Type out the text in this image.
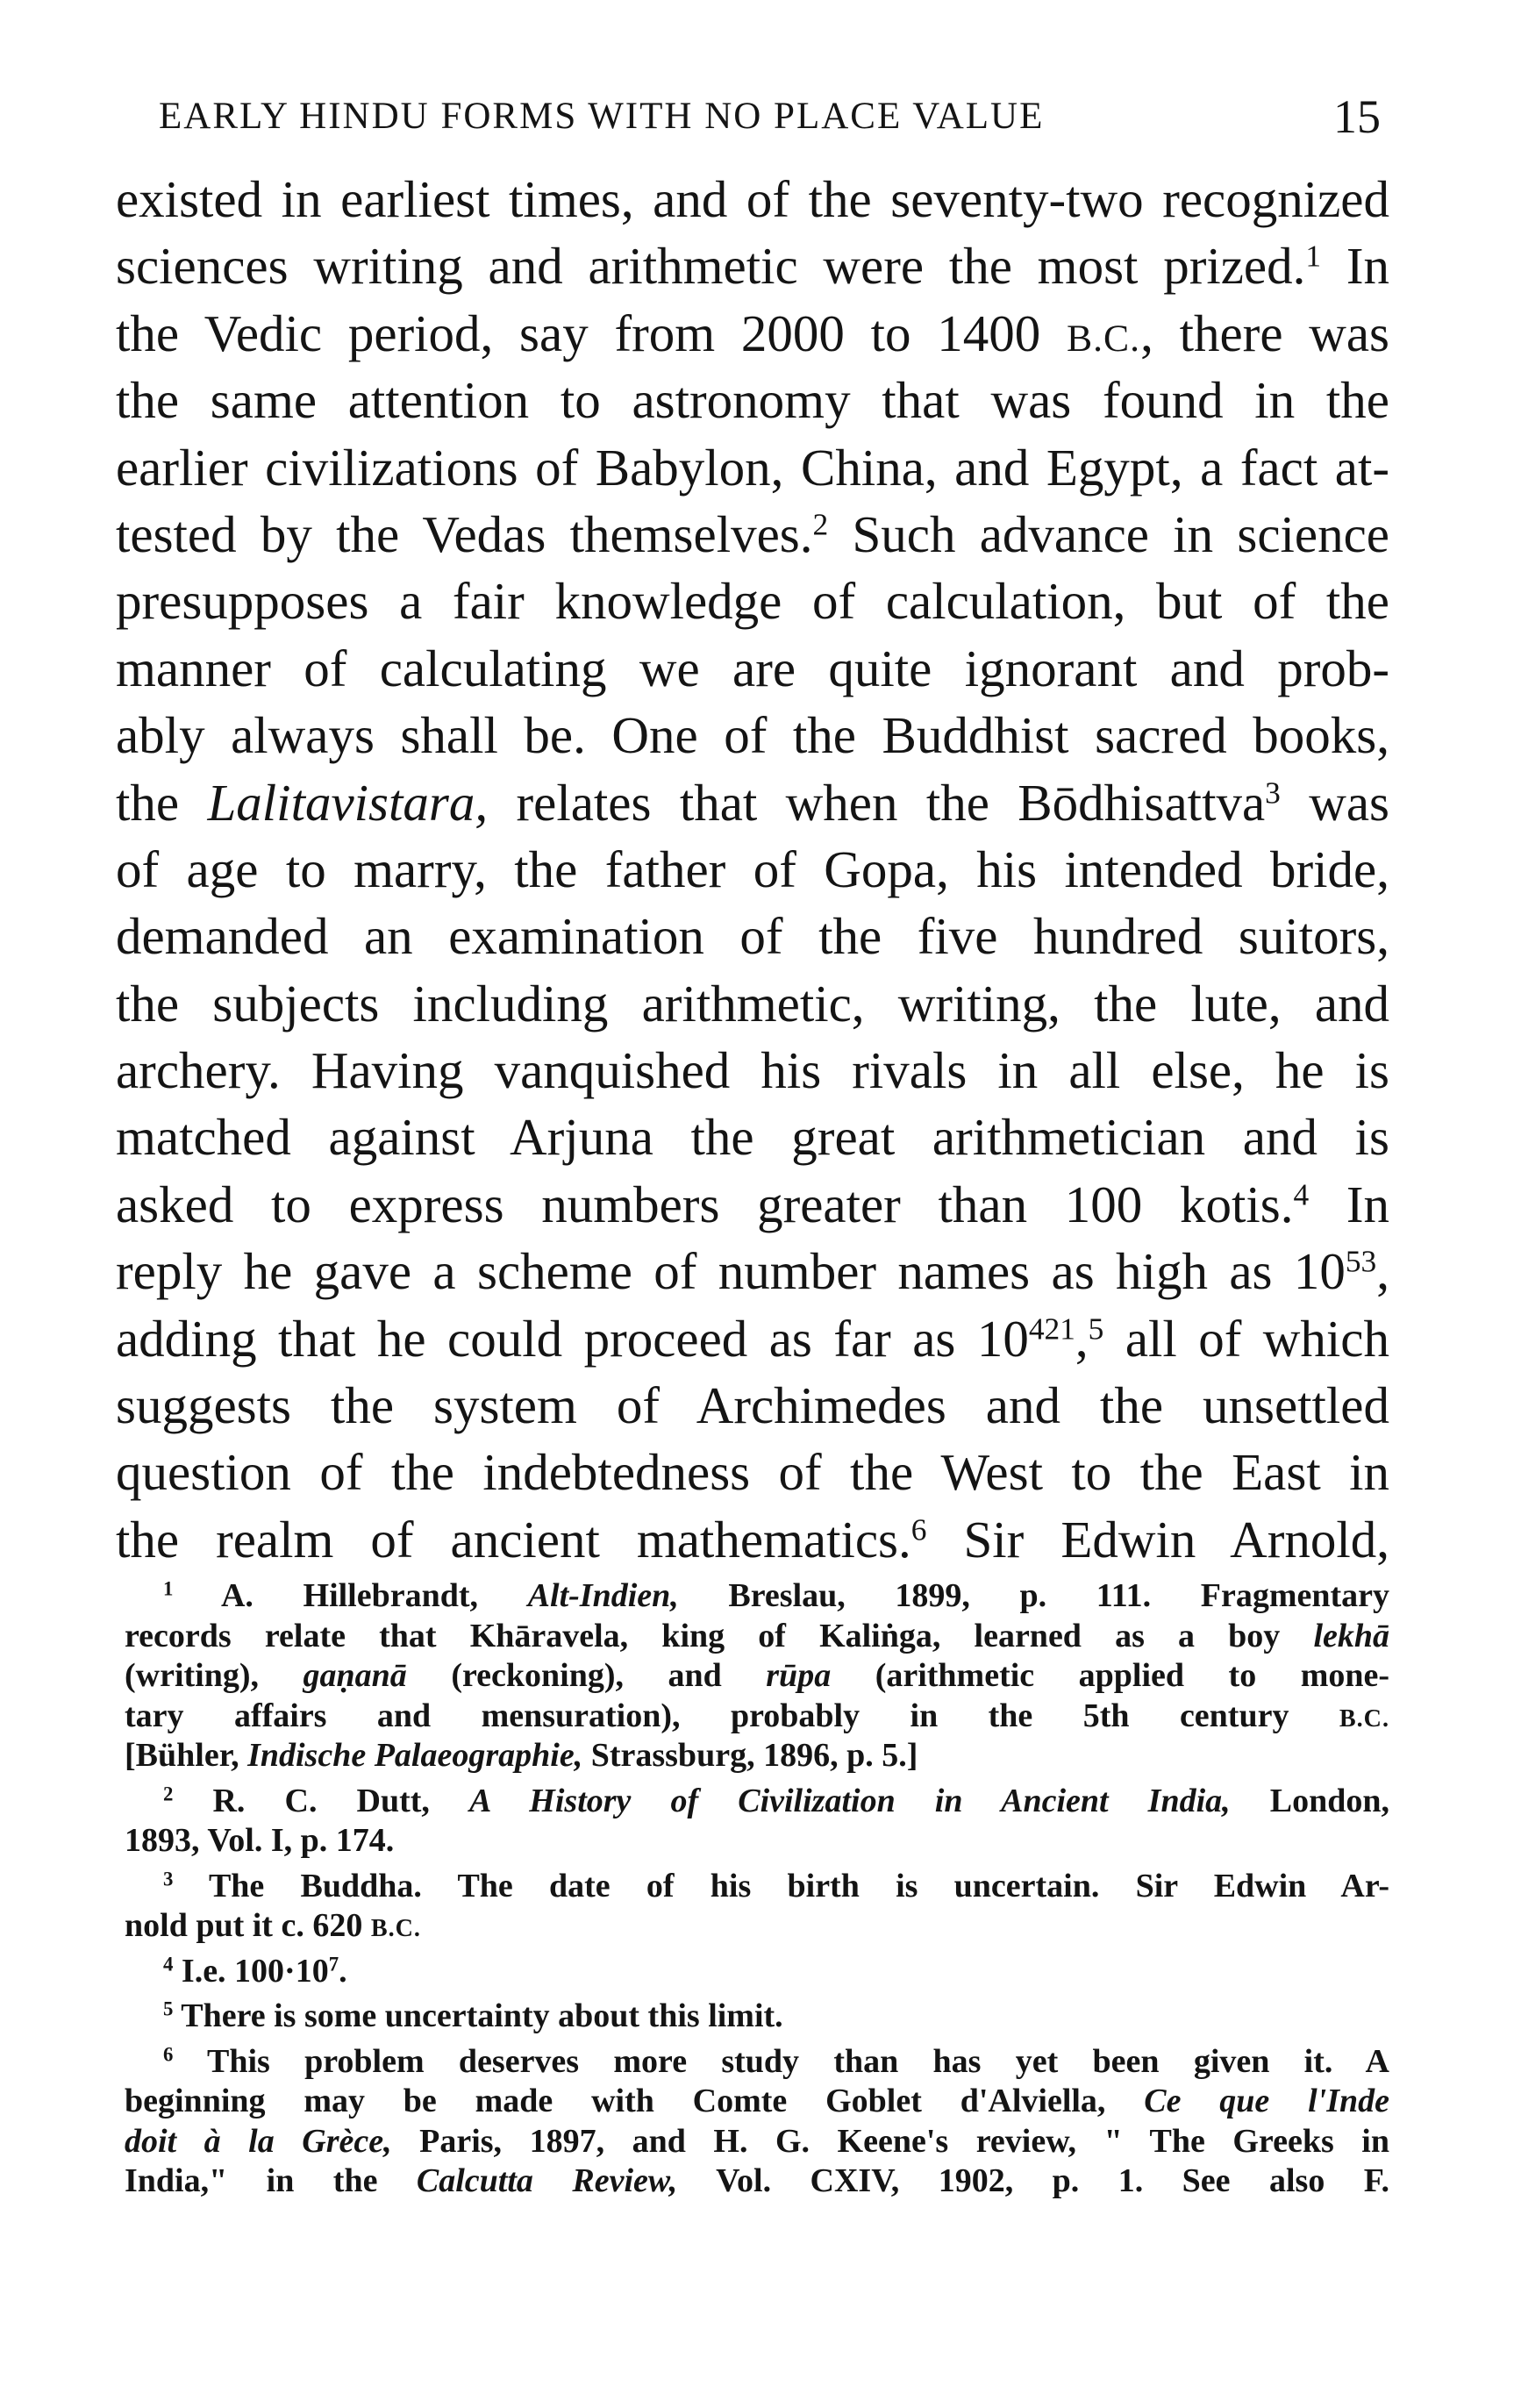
EARLY HINDU FORMS WITH NO PLACE VALUE	15
existed in earliest times, and of the seventy-two recognized
sciences writing and arithmetic were the most prized.$^1$ In
the Vedic period, say from 2000 to 1400 B.C., there was
the same attention to astronomy that was found in the
earlier civilizations of Babylon, China, and Egypt, a fact at-
tested by the Vedas themselves.$^2$ Such advance in science
presupposes a fair knowledge of calculation, but of the
manner of calculating we are quite ignorant and prob-
ably always shall be. One of the Buddhist sacred books,
the Lalitavistara, relates that when the Bōdhisattva$^3$ was
of age to marry, the father of Gopa, his intended bride,
demanded an examination of the five hundred suitors,
the subjects including arithmetic, writing, the lute, and
archery. Having vanquished his rivals in all else, he is
matched against Arjuna the great arithmetician and is
asked to express numbers greater than 100 kotis.$^4$ In
reply he gave a scheme of number names as high as $10^{53}$,
adding that he could proceed as far as $10^{421},^5$ all of which
suggests the system of Archimedes and the unsettled
question of the indebtedness of the West to the East in
the realm of ancient mathematics.$^6$ Sir Edwin Arnold,
$^1$ A. Hillebrandt, Alt-Indien, Breslau, 1899, p. 111. Fragmentary
records relate that Khāravela, king of Kaliṅga, learned as a boy lekhā
(writing), gaṇanā (reckoning), and rūpa (arithmetic applied to mone-
tary affairs and mensuration), probably in the 5th century B.C.
[Bühler, Indische Palaeographie, Strassburg, 1896, p. 5.]
$^2$ R. C. Dutt, A History of Civilization in Ancient India, London,
1893, Vol. I, p. 174.
$^3$ The Buddha. The date of his birth is uncertain. Sir Edwin Ar-
nold put it c. 620 B.C.
$^4$ I.e. $100\cdot 10^7$.
$^5$ There is some uncertainty about this limit.
$^6$ This problem deserves more study than has yet been given it. A
beginning may be made with Comte Goblet d'Alviella, Ce que l'Inde
doit à la Grèce, Paris, 1897, and H. G. Keene's review, " The Greeks in
India," in the Calcutta Review, Vol. CXIV, 1902, p. 1. See also F.
